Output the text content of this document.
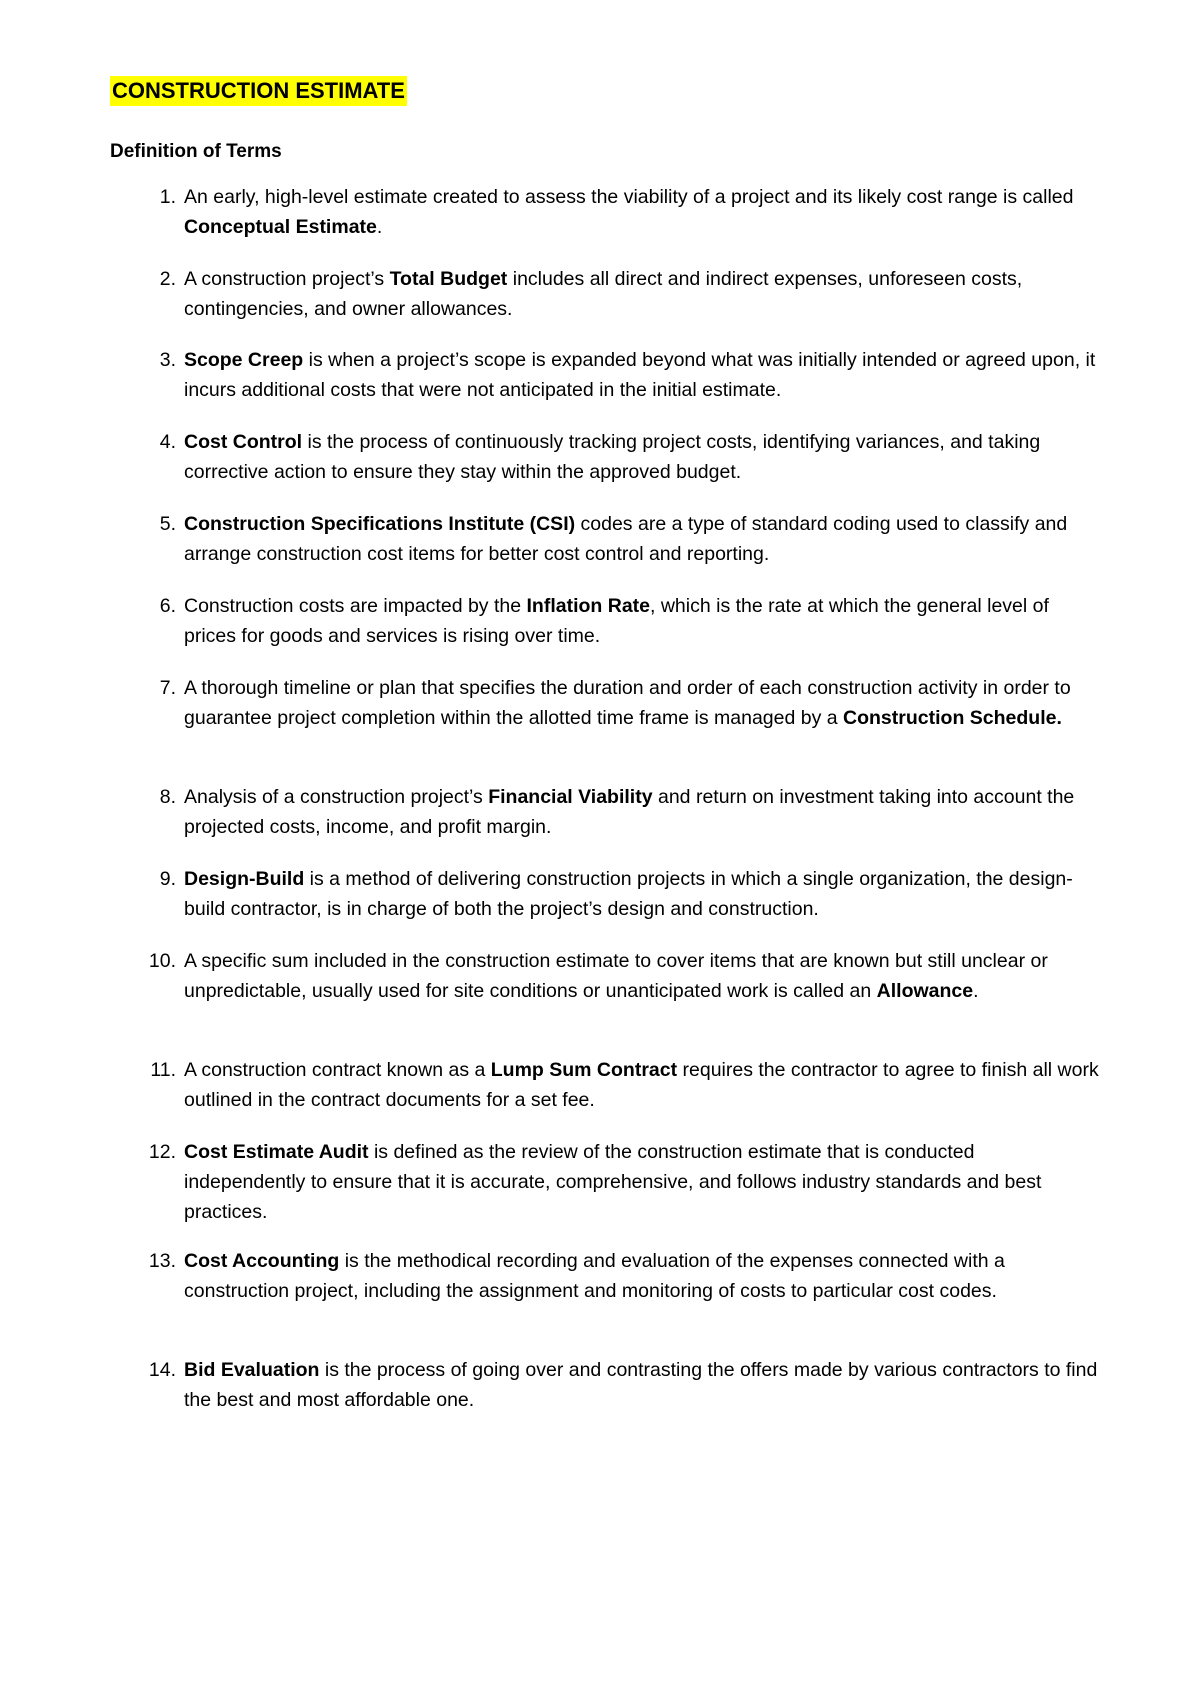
CONSTRUCTION ESTIMATE
Definition of Terms
1. An early, high-level estimate created to assess the viability of a project and its likely cost range is called Conceptual Estimate.
2. A construction project’s Total Budget includes all direct and indirect expenses, unforeseen costs, contingencies, and owner allowances.
3. Scope Creep is when a project’s scope is expanded beyond what was initially intended or agreed upon, it incurs additional costs that were not anticipated in the initial estimate.
4. Cost Control is the process of continuously tracking project costs, identifying variances, and taking corrective action to ensure they stay within the approved budget.
5. Construction Specifications Institute (CSI) codes are a type of standard coding used to classify and arrange construction cost items for better cost control and reporting.
6. Construction costs are impacted by the Inflation Rate, which is the rate at which the general level of prices for goods and services is rising over time.
7. A thorough timeline or plan that specifies the duration and order of each construction activity in order to guarantee project completion within the allotted time frame is managed by a Construction Schedule.
8. Analysis of a construction project’s Financial Viability and return on investment taking into account the projected costs, income, and profit margin.
9. Design-Build is a method of delivering construction projects in which a single organization, the design-build contractor, is in charge of both the project’s design and construction.
10. A specific sum included in the construction estimate to cover items that are known but still unclear or unpredictable, usually used for site conditions or unanticipated work is called an Allowance.
11. A construction contract known as a Lump Sum Contract requires the contractor to agree to finish all work outlined in the contract documents for a set fee.
12. Cost Estimate Audit is defined as the review of the construction estimate that is conducted independently to ensure that it is accurate, comprehensive, and follows industry standards and best practices.
13. Cost Accounting is the methodical recording and evaluation of the expenses connected with a construction project, including the assignment and monitoring of costs to particular cost codes.
14. Bid Evaluation is the process of going over and contrasting the offers made by various contractors to find the best and most affordable one.
